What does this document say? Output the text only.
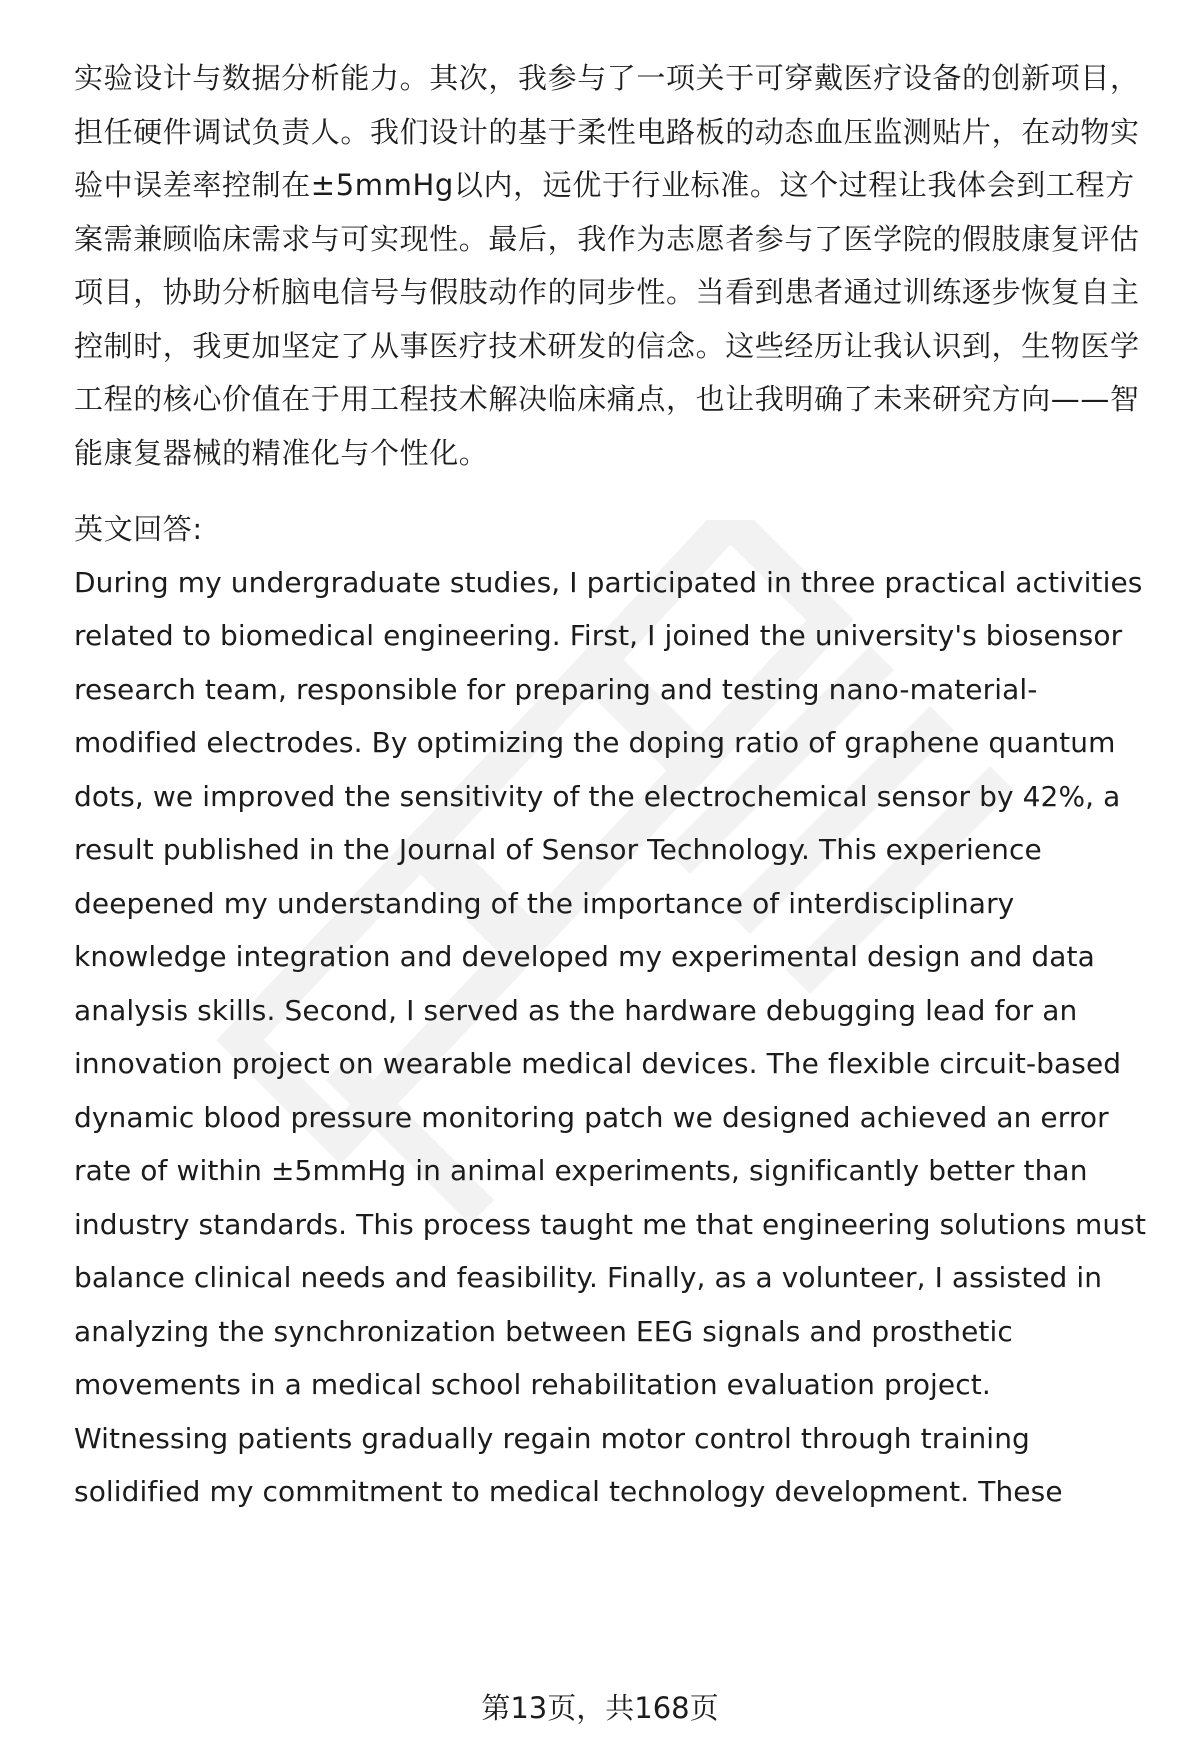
实验设计与数据分析能力。其次，我参与了一项关于可穿戴医疗设备的创新项目，
担任硬件调试负责人。我们设计的基于柔性电路板的动态血压监测贴片，在动物实
验中误差率控制在±5mmHg以内，远优于行业标准。这个过程让我体会到工程方
案需兼顾临床需求与可实现性。最后，我作为志愿者参与了医学院的假肢康复评估
项目，协助分析脑电信号与假肢动作的同步性。当看到患者通过训练逐步恢复自主
控制时，我更加坚定了从事医疗技术研发的信念。这些经历让我认识到，生物医学
工程的核心价值在于用工程技术解决临床痛点，也让我明确了未来研究方向——智
能康复器械的精准化与个性化。
英文回答:
During my undergraduate studies, I participated in three practical activities
related to biomedical engineering. First, I joined the university's biosensor
research team, responsible for preparing and testing nano-material-
modified electrodes. By optimizing the doping ratio of graphene quantum
dots, we improved the sensitivity of the electrochemical sensor by 42%, a
result published in the Journal of Sensor Technology. This experience
deepened my understanding of the importance of interdisciplinary
knowledge integration and developed my experimental design and data
analysis skills. Second, I served as the hardware debugging lead for an
innovation project on wearable medical devices. The flexible circuit-based
dynamic blood pressure monitoring patch we designed achieved an error
rate of within ±5mmHg in animal experiments, significantly better than
industry standards. This process taught me that engineering solutions must
balance clinical needs and feasibility. Finally, as a volunteer, I assisted in
analyzing the synchronization between EEG signals and prosthetic
movements in a medical school rehabilitation evaluation project.
Witnessing patients gradually regain motor control through training
solidified my commitment to medical technology development. These
第13页，共168页
